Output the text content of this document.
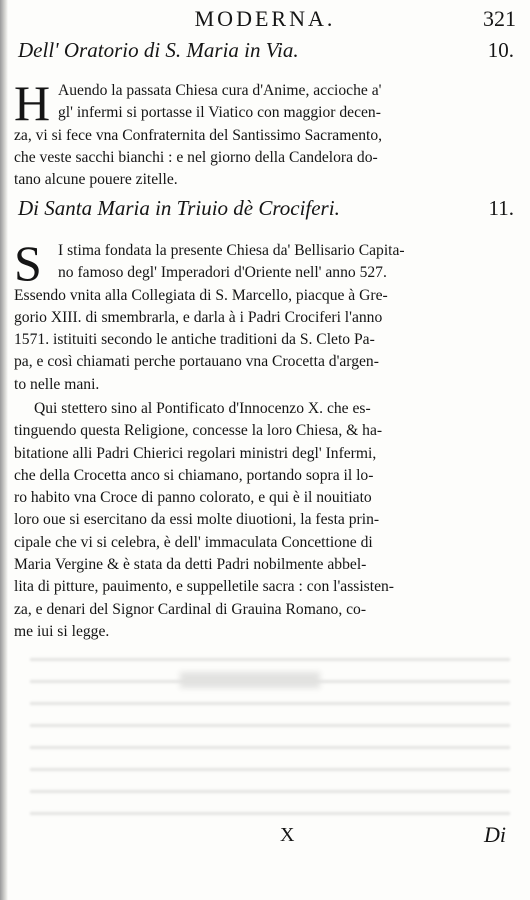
MODERNA.	321
Dell' Oratorio di S. Maria in Via.	10.
H Auendo la passata Chiesa cura d'Anime, accioche a'
gl' infermi si portasse il Viatico con maggior decen-
za, vi si fece vna Confraternita del Santissimo Sacramento,
che veste sacchi bianchi : e nel giorno della Candelora do-
tano alcune pouere zitelle.
Di Santa Maria in Triuio dè Crociferi.	11.
S	I stima fondata la presente Chiesa da' Bellisario Capita-
no famoso degl' Imperadori d'Oriente nell' anno 527.
Essendo vnita alla Collegiata di S. Marcello, piacque à Gre-
gorio XIII. di smembrarla, e darla à i Padri Crociferi l'anno
1571. istituiti secondo le antiche traditioni da S. Cleto Pa-
pa, e così chiamati perche portauano vna Crocetta d'argen-
to nelle mani.
Qui stettero sino al Pontificato d'Innocenzo X. che es-
tinguendo questa Religione, concesse la loro Chiesa, & ha-
bitatione alli Padri Chierici regolari ministri degl' Infermi,
che della Crocetta anco si chiamano, portando sopra il lo-
ro habito vna Croce di panno colorato, e qui è il nouitiato
loro oue si esercitano da essi molte diuotioni, la festa prin-
cipale che vi si celebra, è dell' immaculata Concettione di
Maria Vergine & è stata da detti Padri nobilmente abbel-
lita di pitture, pauimento, e suppelletile sacra : con l'assisten-
za, e denari del Signor Cardinal di Grauina Romano, co-
me iui si legge.
X	Di
